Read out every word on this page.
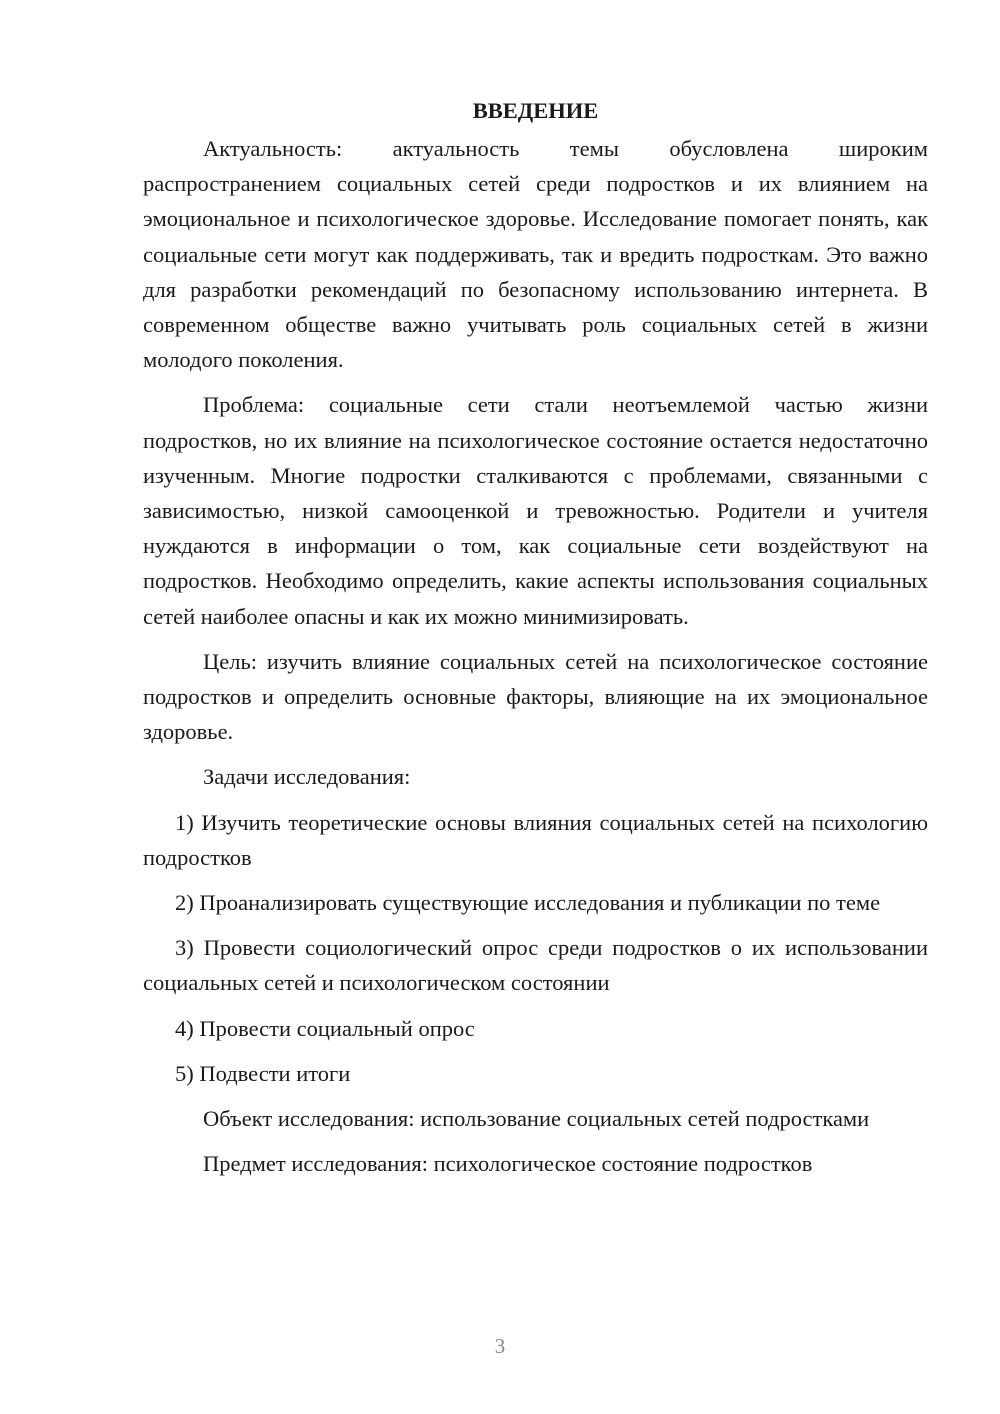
ВВЕДЕНИЕ

Актуальность: актуальность темы обусловлена широким распространением социальных сетей среди подростков и их влиянием на эмоциональное и психологическое здоровье. Исследование помогает понять, как социальные сети могут как поддерживать, так и вредить подросткам. Это важно для разработки рекомендаций по безопасному использованию интернета. В современном обществе важно учитывать роль социальных сетей в жизни молодого поколения.

Проблема: социальные сети стали неотъемлемой частью жизни подростков, но их влияние на психологическое состояние остается недостаточно изученным. Многие подростки сталкиваются с проблемами, связанными с зависимостью, низкой самооценкой и тревожностью. Родители и учителя нуждаются в информации о том, как социальные сети воздействуют на подростков. Необходимо определить, какие аспекты использования социальных сетей наиболее опасны и как их можно минимизировать.

Цель: изучить влияние социальных сетей на психологическое состояние подростков и определить основные факторы, влияющие на их эмоциональное здоровье.

Задачи исследования:

1) Изучить теоретические основы влияния социальных сетей на психологию подростков

2) Проанализировать существующие исследования и публикации по теме

3) Провести социологический опрос среди подростков о их использовании социальных сетей и психологическом состоянии

4) Провести социальный опрос

5) Подвести итоги

Объект исследования: использование социальных сетей подростками

Предмет исследования: психологическое состояние подростков

3
